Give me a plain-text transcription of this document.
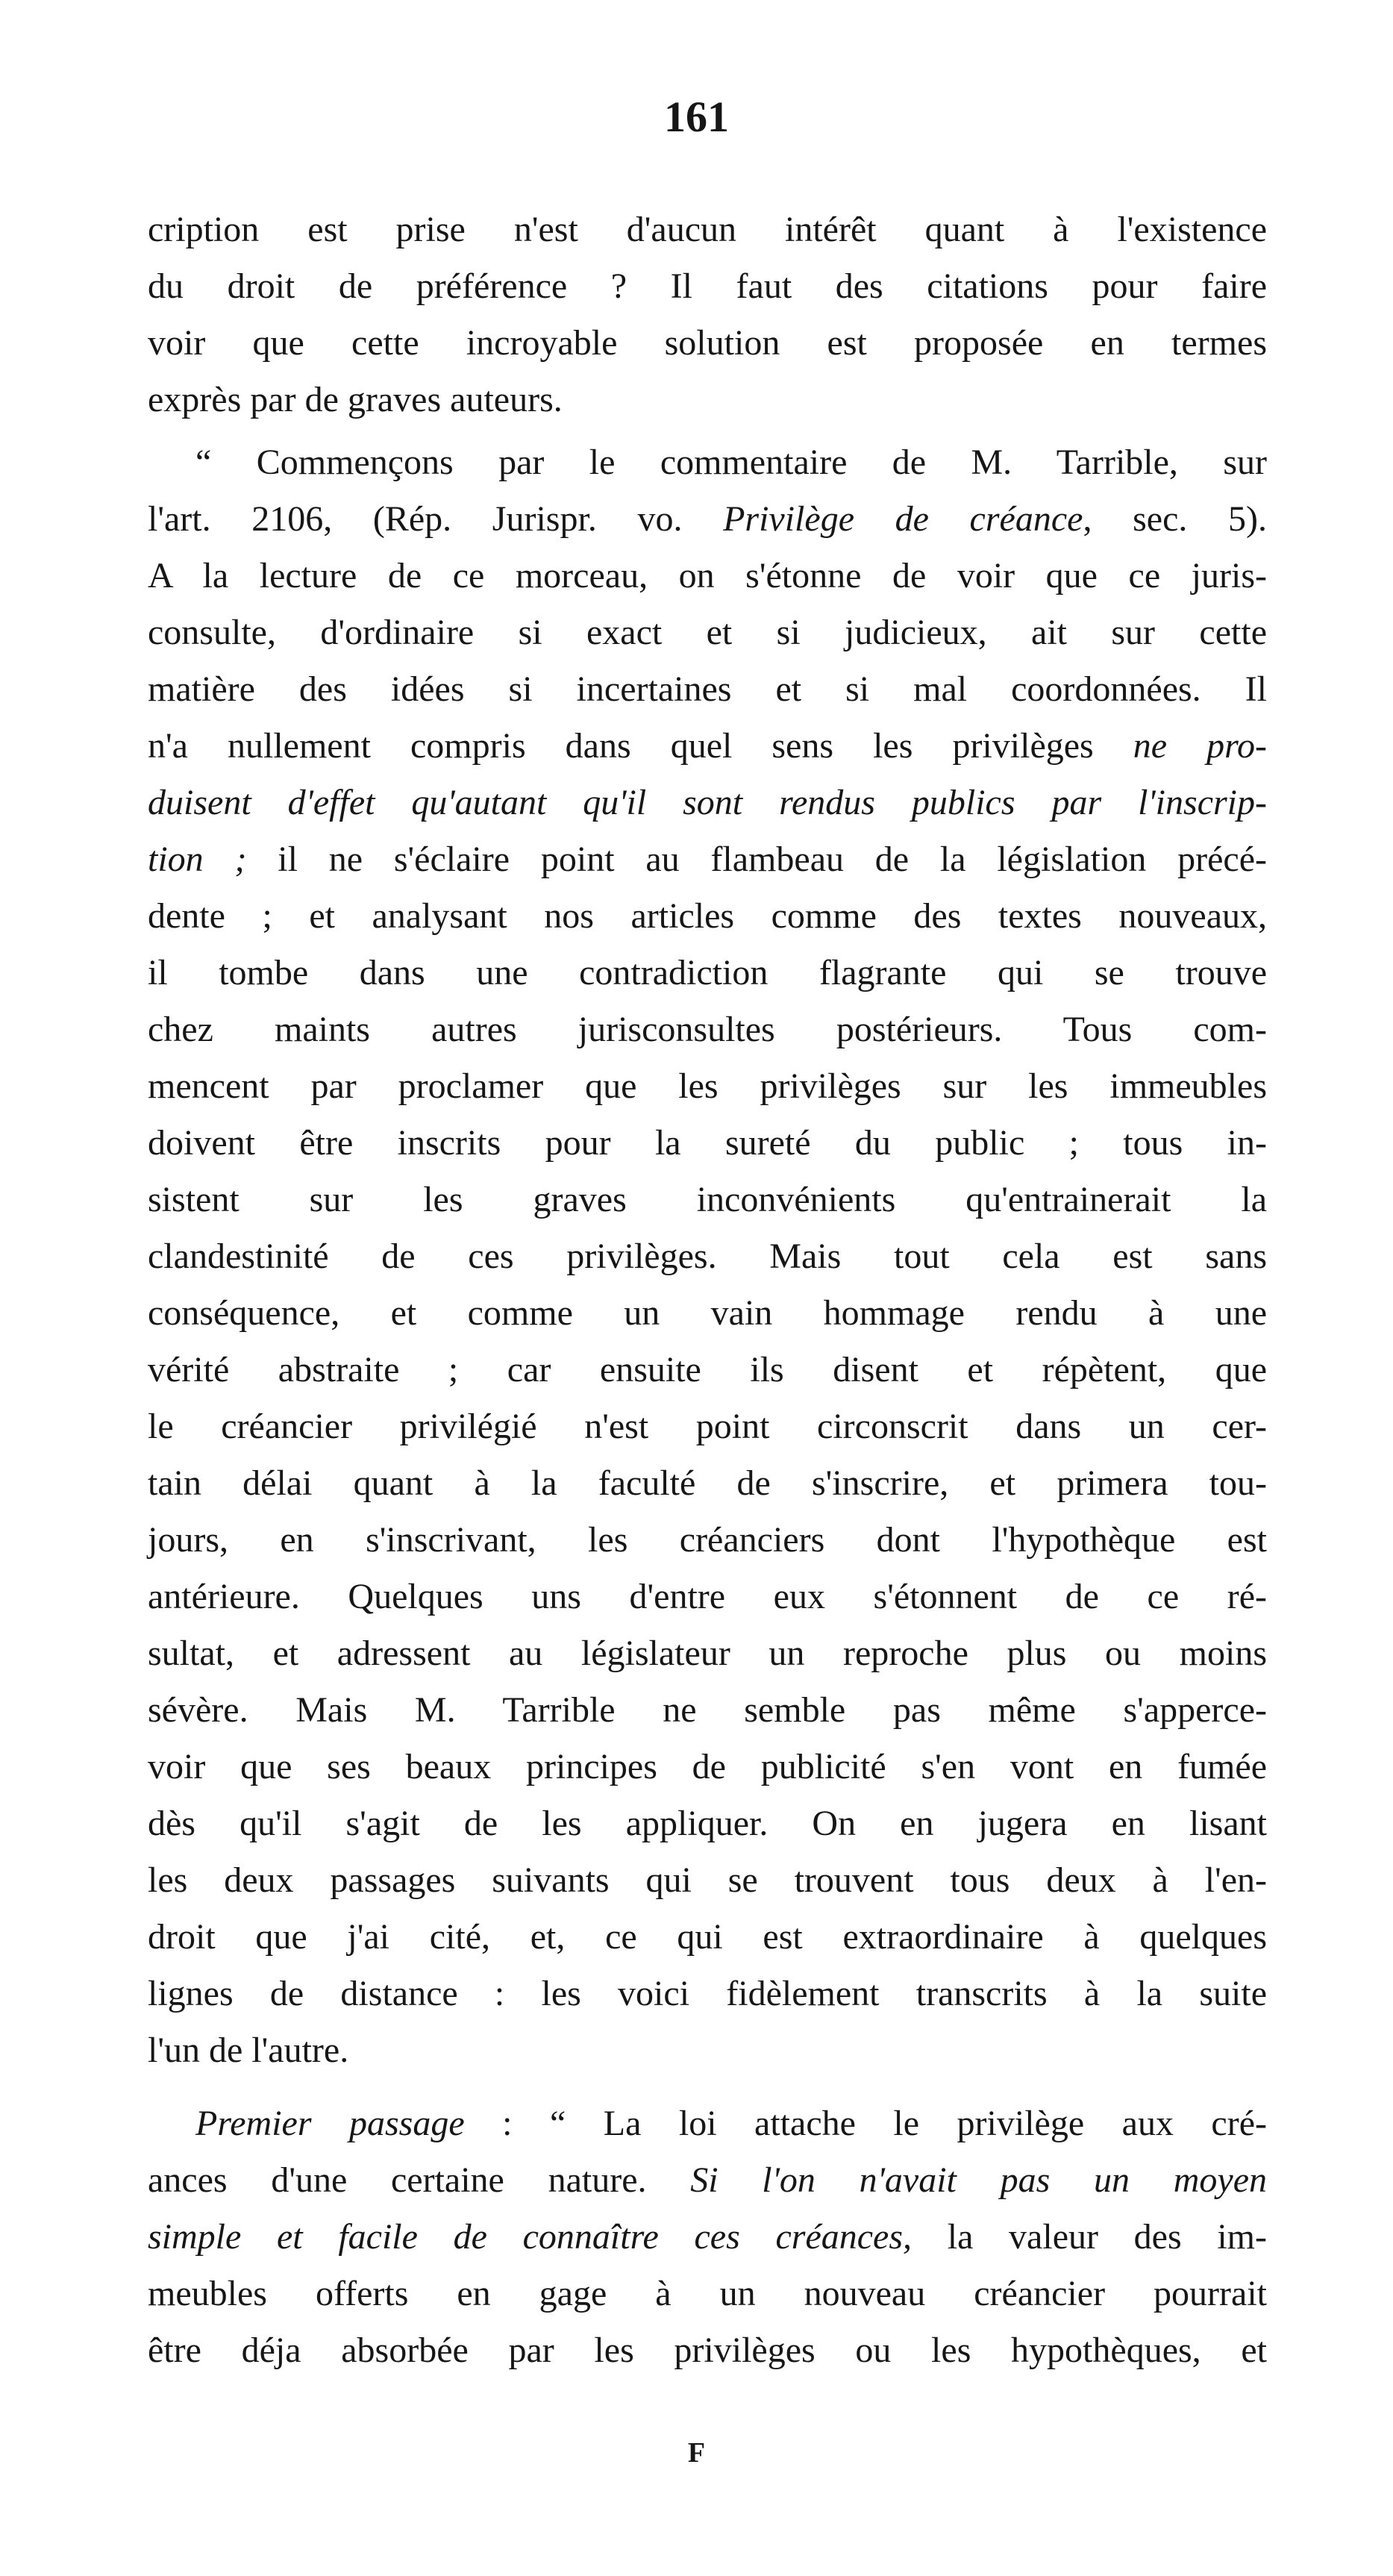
161

cription est prise n'est d'aucun intérêt quant à l'existence
du droit de préférence ? Il faut des citations pour faire
voir que cette incroyable solution est proposée en termes
exprès par de graves auteurs.

“ Commençons par le commentaire de M. Tarrible, sur
l'art. 2106, (Rép. Jurispr. vo. Privilège de créance, sec. 5).
A la lecture de ce morceau, on s'étonne de voir que ce juris-
consulte, d'ordinaire si exact et si judicieux, ait sur cette
matière des idées si incertaines et si mal coordonnées. Il
n'a nullement compris dans quel sens les privilèges ne pro-
duisent d'effet qu'autant qu'il sont rendus publics par l'inscrip-
tion ; il ne s'éclaire point au flambeau de la législation précé-
dente ; et analysant nos articles comme des textes nouveaux,
il tombe dans une contradiction flagrante qui se trouve
chez maints autres jurisconsultes postérieurs. Tous com-
mencent par proclamer que les privilèges sur les immeubles
doivent être inscrits pour la sureté du public ; tous in-
sistent sur les graves inconvénients qu'entrainerait la
clandestinité de ces privilèges. Mais tout cela est sans
conséquence, et comme un vain hommage rendu à une
vérité abstraite ; car ensuite ils disent et répètent, que
le créancier privilégié n'est point circonscrit dans un cer-
tain délai quant à la faculté de s'inscrire, et primera tou-
jours, en s'inscrivant, les créanciers dont l'hypothèque est
antérieure. Quelques uns d'entre eux s'étonnent de ce ré-
sultat, et adressent au législateur un reproche plus ou moins
sévère. Mais M. Tarrible ne semble pas même s'apperce-
voir que ses beaux principes de publicité s'en vont en fumée
dès qu'il s'agit de les appliquer. On en jugera en lisant
les deux passages suivants qui se trouvent tous deux à l'en-
droit que j'ai cité, et, ce qui est extraordinaire à quelques
lignes de distance : les voici fidèlement transcrits à la suite
l'un de l'autre.

Premier passage : “ La loi attache le privilège aux cré-
ances d'une certaine nature. Si l'on n'avait pas un moyen
simple et facile de connaître ces créances, la valeur des im-
meubles offerts en gage à un nouveau créancier pourrait
être déja absorbée par les privilèges ou les hypothèques, et

F
